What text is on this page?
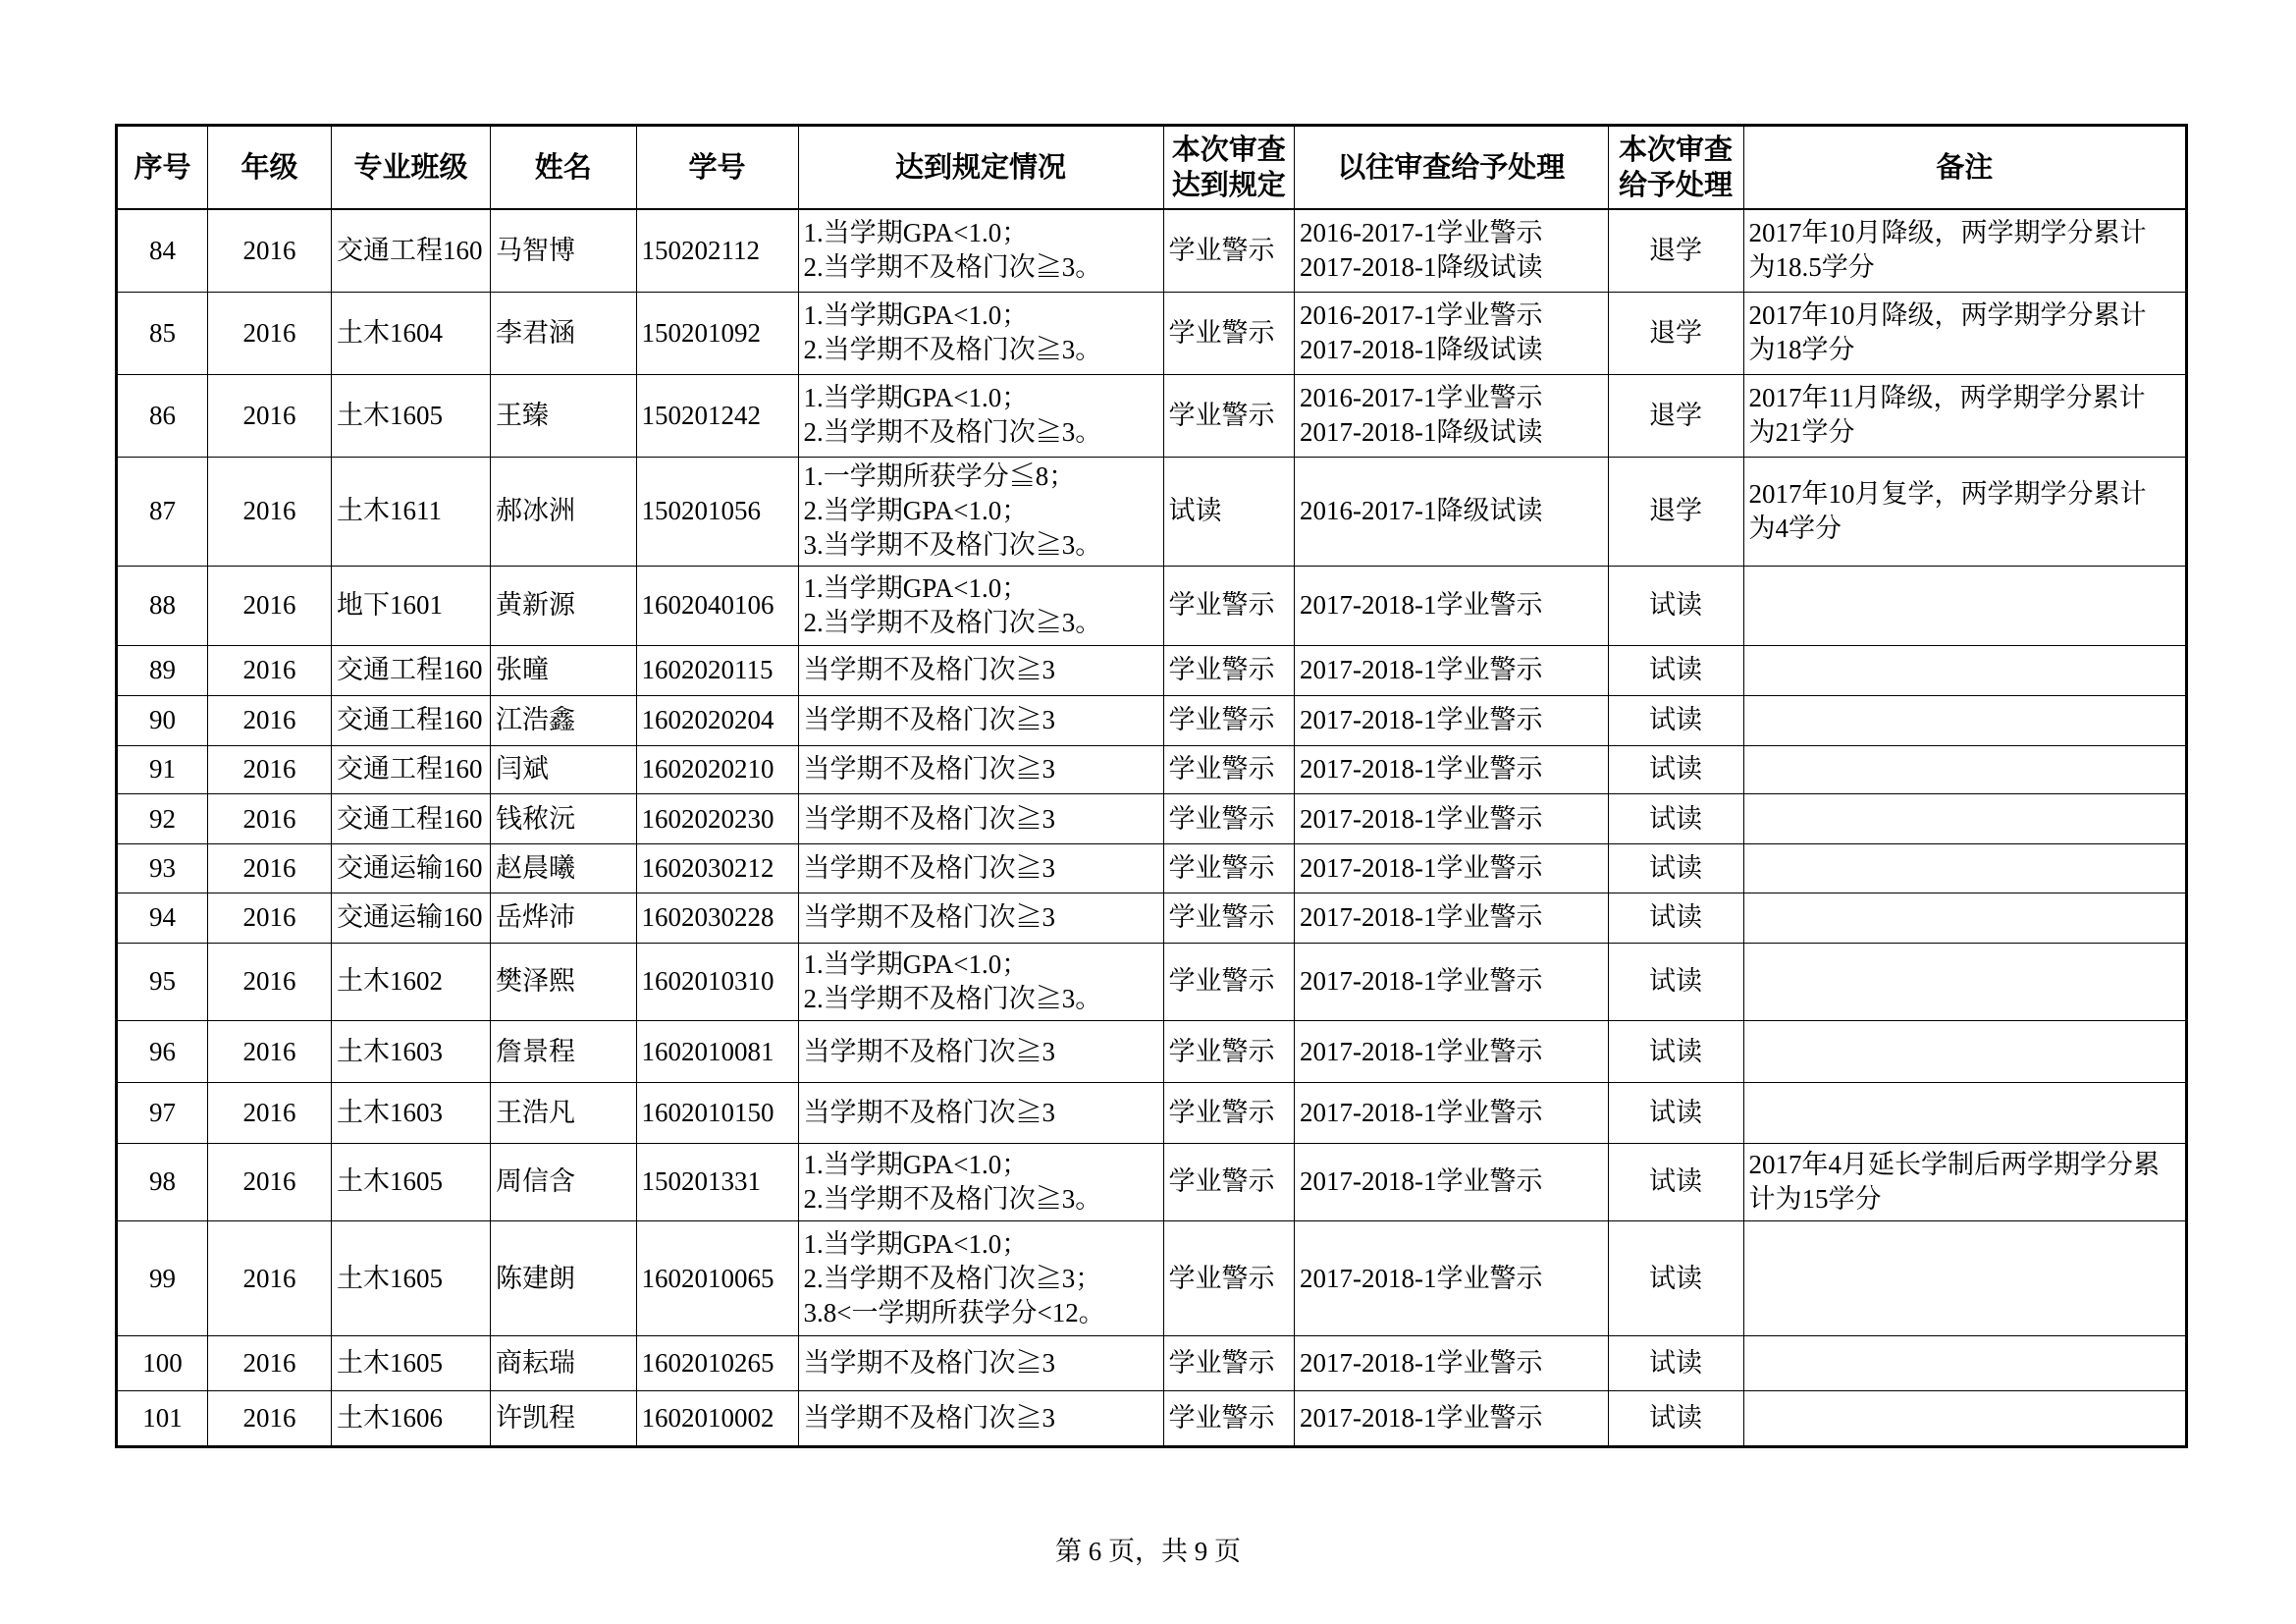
序号	年级	专业班级	姓名	学号	达到规定情况	本次审查
达到规定	以往审查给予处理	本次审查
给予处理	备注
84	2016	交通工程160	马智博	150202112	1.当学期GPA<1.0；
2.当学期不及格门次≧3。	学业警示	2016-2017-1学业警示
2017-2018-1降级试读	退学	2017年10月降级，两学期学分累计
为18.5学分

85	2016	土木1604	李君涵	150201092	1.当学期GPA<1.0；
2.当学期不及格门次≧3。	学业警示	2016-2017-1学业警示
2017-2018-1降级试读	退学	2017年10月降级，两学期学分累计
为18学分

86	2016	土木1605	王臻	150201242	1.当学期GPA<1.0；
2.当学期不及格门次≧3。	学业警示	2016-2017-1学业警示
2017-2018-1降级试读	退学	2017年11月降级，两学期学分累计
为21学分

87	2016	土木1611	郝冰洲	150201056	1.一学期所获学分≦8；
2.当学期GPA<1.0；
3.当学期不及格门次≧3。	试读	2016-2017-1降级试读	退学	2017年10月复学，两学期学分累计
为4学分

88	2016	地下1601	黄新源	1602040106	1.当学期GPA<1.0；
2.当学期不及格门次≧3。	学业警示	2017-2018-1学业警示	试读	
89	2016	交通工程160	张曈	1602020115	当学期不及格门次≧3	学业警示	2017-2018-1学业警示	试读	
90	2016	交通工程160	江浩鑫	1602020204	当学期不及格门次≧3	学业警示	2017-2018-1学业警示	试读	
91	2016	交通工程160	闫斌	1602020210	当学期不及格门次≧3	学业警示	2017-2018-1学业警示	试读	
92	2016	交通工程160	钱秾沅	1602020230	当学期不及格门次≧3	学业警示	2017-2018-1学业警示	试读	
93	2016	交通运输160	赵晨曦	1602030212	当学期不及格门次≧3	学业警示	2017-2018-1学业警示	试读	
94	2016	交通运输160	岳烨沛	1602030228	当学期不及格门次≧3	学业警示	2017-2018-1学业警示	试读	
95	2016	土木1602	樊泽熙	1602010310	1.当学期GPA<1.0；
2.当学期不及格门次≧3。	学业警示	2017-2018-1学业警示	试读	
96	2016	土木1603	詹景程	1602010081	当学期不及格门次≧3	学业警示	2017-2018-1学业警示	试读	
97	2016	土木1603	王浩凡	1602010150	当学期不及格门次≧3	学业警示	2017-2018-1学业警示	试读	
98	2016	土木1605	周信含	150201331	1.当学期GPA<1.0；
2.当学期不及格门次≧3。	学业警示	2017-2018-1学业警示	试读	2017年4月延长学制后两学期学分累
计为15学分

99	2016	土木1605	陈建朗	1602010065	1.当学期GPA<1.0；
2.当学期不及格门次≧3；
3.8<一学期所获学分<12。	学业警示	2017-2018-1学业警示	试读	
100	2016	土木1605	商耘瑞	1602010265	当学期不及格门次≧3	学业警示	2017-2018-1学业警示	试读	
101	2016	土木1606	许凯程	1602010002	当学期不及格门次≧3	学业警示	2017-2018-1学业警示	试读	
第 6 页，共 9 页
